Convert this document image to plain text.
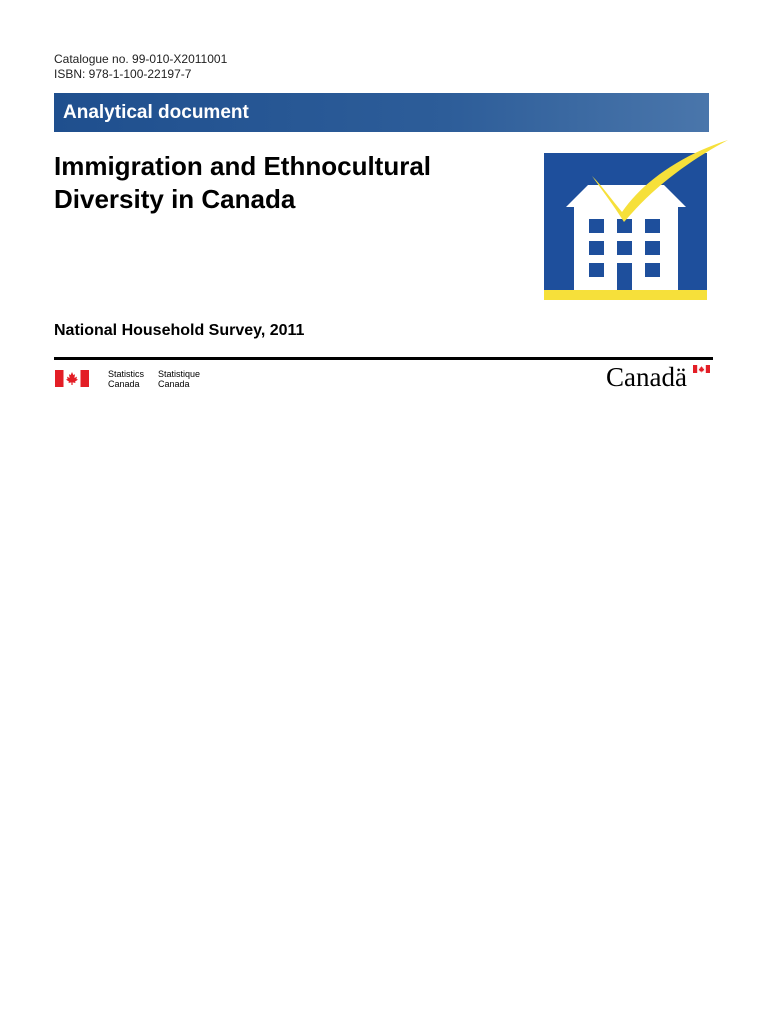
Catalogue no. 99-010-X2011001
ISBN: 978-1-100-22197-7
Analytical document
Immigration and Ethnocultural
Diversity in Canada
National Household Survey, 2011
Statistics
Canada
Statistique
Canada	Canadä
